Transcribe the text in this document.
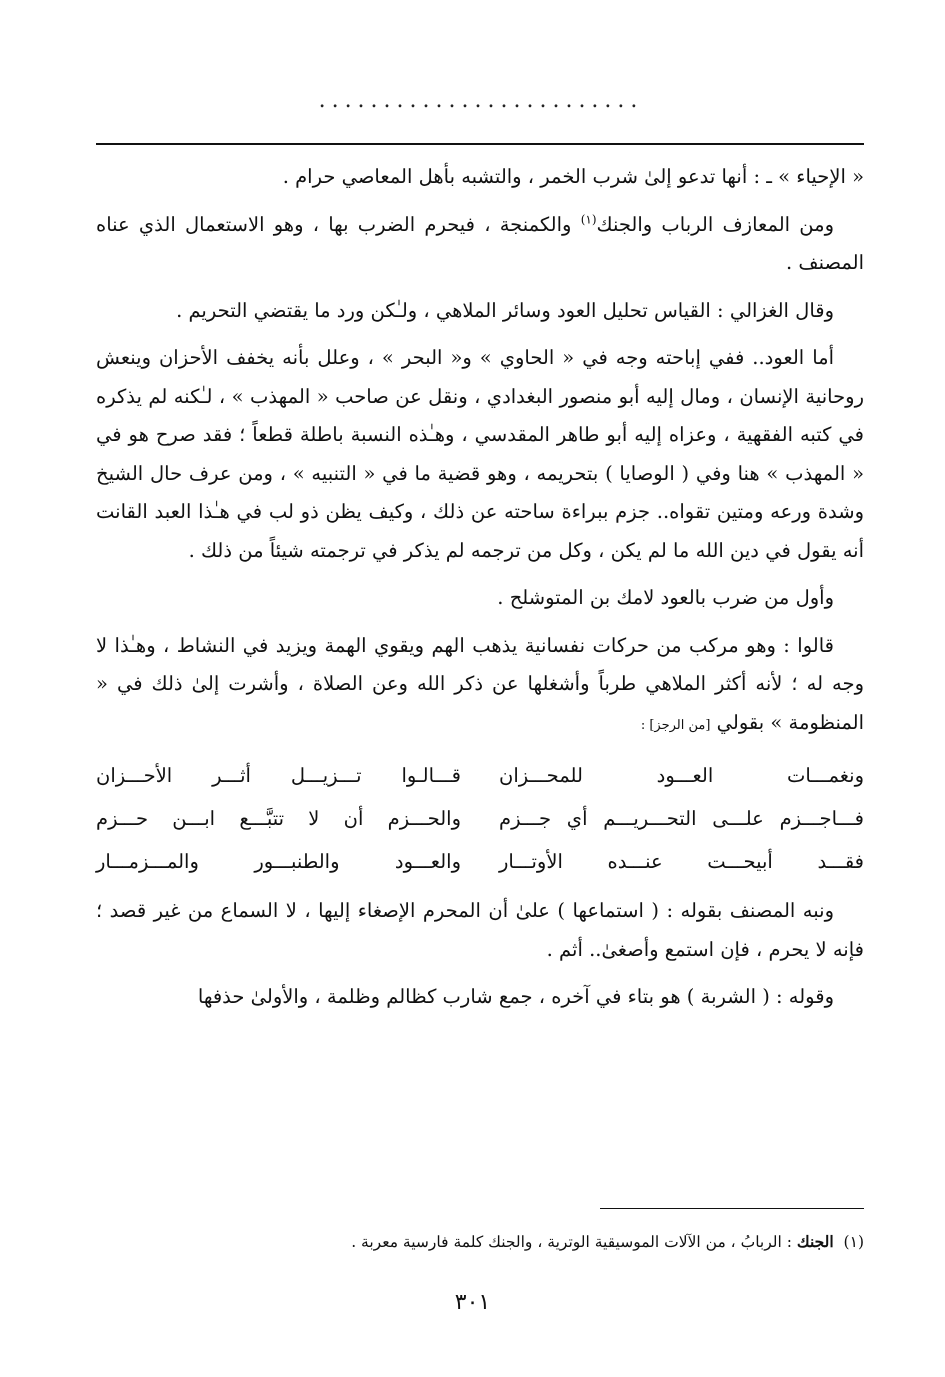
.........................

« الإحياء » ـ : أنها تدعو إلىٰ شرب الخمر ، والتشبه بأهل المعاصي حرام .

ومن المعازف الرباب والجنك$^{(١)}$ والكمنجة ، فيحرم الضرب بها ، وهو الاستعمال الذي عناه المصنف .

وقال الغزالي : القياس تحليل العود وسائر الملاهي ، ولـٰكن ورد ما يقتضي التحريم .

أما العود.. ففي إباحته وجه في « الحاوي » و« البحر » ، وعلل بأنه يخفف الأحزان وينعش روحانية الإنسان ، ومال إليه أبو منصور البغدادي ، ونقل عن صاحب « المهذب » ، لـٰكنه لم يذكره في كتبه الفقهية ، وعزاه إليه أبو طاهر المقدسي ، وهـٰذه النسبة باطلة قطعاً ؛ فقد صرح هو في « المهذب » هنا وفي ( الوصايا ) بتحريمه ، وهو قضية ما في « التنبيه » ، ومن عرف حال الشيخ وشدة ورعه ومتين تقواه.. جزم ببراءة ساحته عن ذلك ، وكيف يظن ذو لب في هـٰذا العبد القانت أنه يقول في دين الله ما لم يكن ، وكل من ترجمه لم يذكر في ترجمته شيئاً من ذلك .

وأول من ضرب بالعود لامك بن المتوشلح .

قالوا : وهو مركب من حركات نفسانية يذهب الهم ويقوي الهمة ويزيد في النشاط ، وهـٰذا لا وجه له ؛ لأنه أكثر الملاهي طرباً وأشغلها عن ذكر الله وعن الصلاة ، وأشرت إلىٰ ذلك في « المنظومة » بقولي [من الرجز] :

ونغمـــات العـــود للمحـــزان
قـــالـوا تـــزيـــل أثـــر الأحـــزان
فـــاجـــزم علـــى التحـــريـــم أي جـــزم
والحـــزم أن لا تتبَّـــع ابـــن حـــزم
فقـــد أبيحـــت عنـــده الأوتـــار
والعـــود والطنبـــور والمـــزمـــار

ونبه المصنف بقوله : ( استماعها ) علىٰ أن المحرم الإصغاء إليها ، لا السماع من غير قصد ؛ فإنه لا يحرم ، فإن استمع وأصغىٰ.. أثم .

وقوله : ( الشربة ) هو بتاء في آخره ، جمع شارب كظالم وظلمة ، والأولىٰ حذفها

(١)  الجنك : الربابُ ، من الآلات الموسيقية الوترية ، والجنك كلمة فارسية معربة .
٣٠١
